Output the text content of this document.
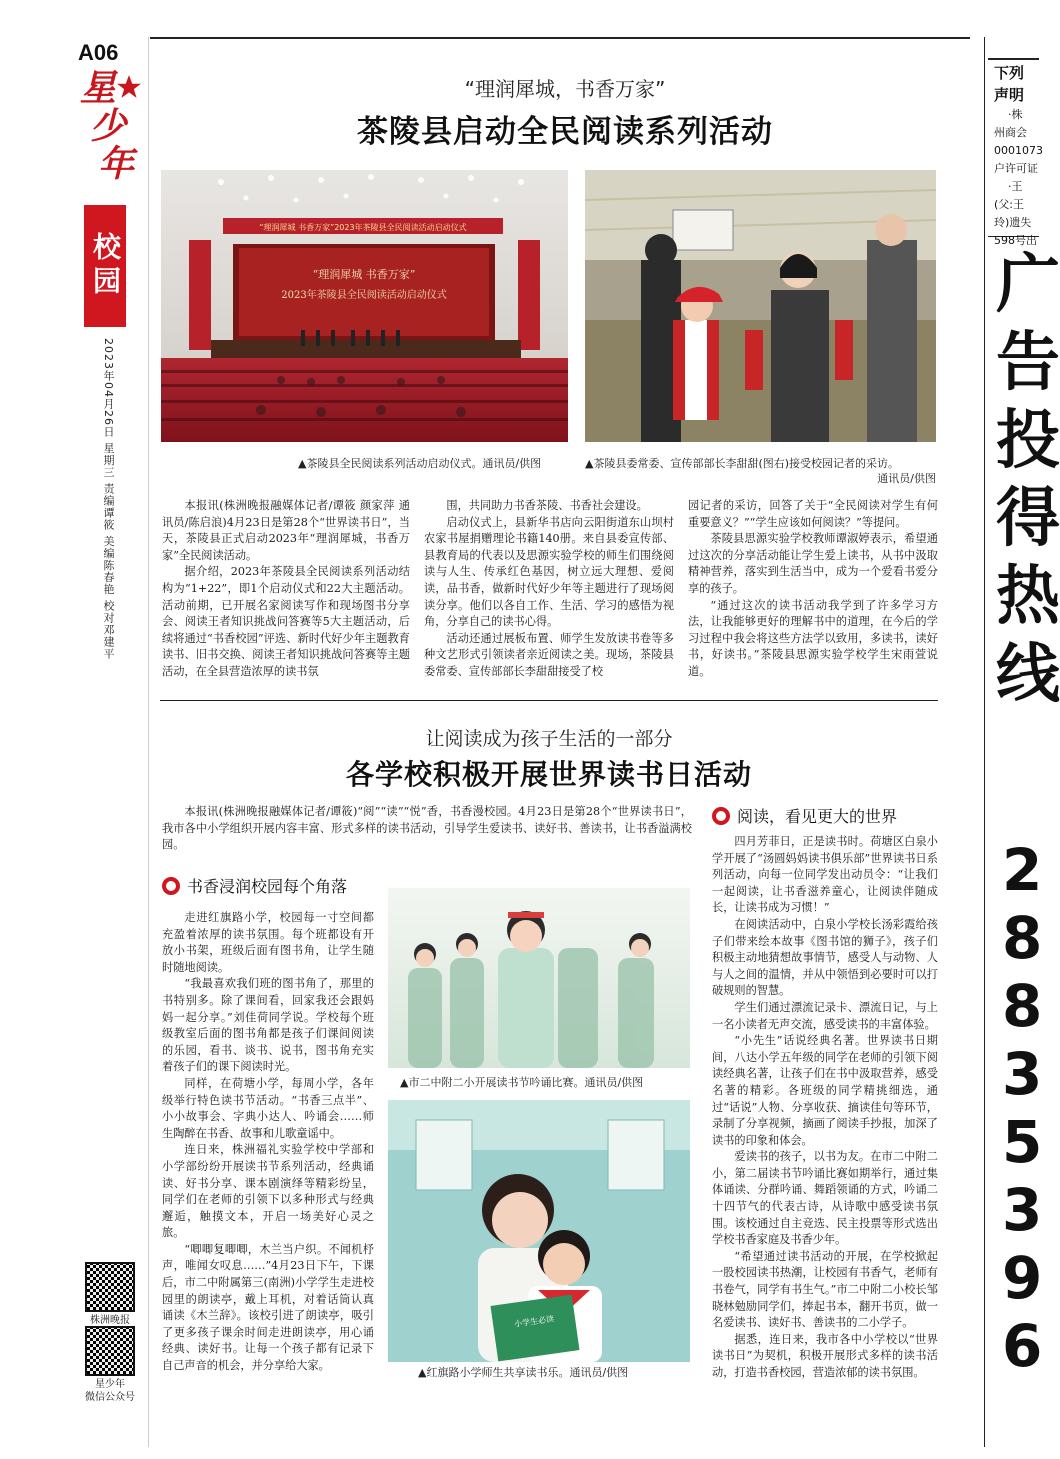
A06
星
少
年
校园
2023年04月26日 星期三 责编谭筱 美编陈春艳 校对邓建平
株洲晚报
星少年
微信公众号
“理润犀城，书香万家”
茶陵县启动全民阅读系列活动
“理润犀城 书香万家”2023年茶陵县全民阅读活动启动仪式
“理润犀城 书香万家”
2023年茶陵县全民阅读活动启动仪式
▲茶陵县全民阅读系列活动启动仪式。通讯员/供图	▲茶陵县委常委、宣传部部长李甜甜(图右)接受校园记者的采访。
通讯员/供图

本报讯(株洲晚报融媒体记者/谭筱 颜家萍 通讯员/陈启浪)4月23日是第28个“世界读书日”，当天，茶陵县正式启动2023年“理润犀城，书香万家”全民阅读活动。

据介绍，2023年茶陵县全民阅读系列活动结构为“1+22”，即1个启动仪式和22大主题活动。活动前期，已开展名家阅读写作和现场图书分享会、阅读王者知识挑战问答赛等5大主题活动，后续将通过“书香校园”评选、新时代好少年主题教育读书、旧书交换、阅读王者知识挑战问答赛等主题活动，在全县营造浓厚的读书氛

围，共同助力书香茶陵、书香社会建设。

启动仪式上，县新华书店向云阳街道东山坝村农家书屋捐赠理论书籍140册。来自县委宣传部、县教育局的代表以及思源实验学校的师生们围绕阅读与人生、传承红色基因，树立远大理想、爱阅读，品书香，做新时代好少年等主题进行了现场阅读分享。他们以各自工作、生活、学习的感悟为视角，分享自己的读书心得。

活动还通过展板布置、师学生发放读书卷等多种文艺形式引领读者亲近阅读之美。现场，茶陵县委常委、宣传部部长李甜甜接受了校

园记者的采访，回答了关于“全民阅读对学生有何重要意义？”“学生应该如何阅读？”等提问。

茶陵县思源实验学校教师谭淑婷表示，希望通过这次的分享活动能让学生爱上读书，从书中汲取精神营养，落实到生活当中，成为一个爱看书爱分享的孩子。

“通过这次的读书活动我学到了许多学习方法，让我能够更好的理解书中的道理，在今后的学习过程中我会将这些方法学以致用，多读书，读好书，好读书。”茶陵县思源实验学校学生宋雨萱说道。

让阅读成为孩子生活的一部分
各学校积极开展世界读书日活动

本报讯(株洲晚报融媒体记者/谭筱)“阅”“读”“悦”香，书香漫校园。4月23日是第28个“世界读书日”，我市各中小学组织开展内容丰富、形式多样的读书活动，引导学生爱读书、读好书、善读书，让书香溢满校园。

书香浸润校园每个角落

走进红旗路小学，校园每一寸空间都充盈着浓厚的读书氛围。每个班都设有开放小书架，班级后面有图书角，让学生随时随地阅读。

“我最喜欢我们班的图书角了，那里的书特别多。除了课间看，回家我还会跟妈妈一起分享。”刘佳荷同学说。学校每个班级教室后面的图书角都是孩子们课间阅读的乐园，看书、谈书、说书，图书角充实着孩子们的课下阅读时光。

同样，在荷塘小学，每周小学，各年级举行特色读书节活动。“书香三点半”、小小故事会、字典小达人、吟诵会……师生陶醉在书香、故事和儿歌童谣中。

连日来，株洲福礼实验学校中学部和小学部纷纷开展读书节系列活动，经典诵读、好书分享、课本剧演绎等精彩纷呈，同学们在老师的引领下以多种形式与经典邂逅，触摸文本，开启一场美好心灵之旅。

“唧唧复唧唧，木兰当户织。不闻机杼声，唯闻女叹息……”4月23日下午，下课后，市二中附属第三(南洲)小学学生走进校园里的朗读亭，戴上耳机，对着话筒认真诵读《木兰辞》。该校引进了朗读亭，吸引了更多孩子课余时间走进朗读亭，用心诵经典、读好书。让每一个孩子都有记录下自己声音的机会，并分享给大家。

▲市二中附二小开展读书节吟诵比赛。通讯员/供图
小学生必读
▲红旗路小学师生共享读书乐。通讯员/供图
阅读，看见更大的世界

四月芳菲日，正是读书时。荷塘区白泉小学开展了“汤圆妈妈读书俱乐部”世界读书日系列活动，向每一位同学发出动员令：“让我们一起阅读，让书香滋养童心，让阅读伴随成长，让读书成为习惯！”

在阅读活动中，白泉小学校长汤彩霞给孩子们带来绘本故事《图书馆的狮子》，孩子们积极主动地猜想故事情节，感受人与动物、人与人之间的温情，并从中领悟到必要时可以打破规则的智慧。

学生们通过漂流记录卡、漂流日记，与上一名小读者无声交流，感受读书的丰富体验。

“小先生”话说经典名著。世界读书日期间，八达小学五年级的同学在老师的引领下阅读经典名著，让孩子们在书中汲取营养，感受名著的精彩。各班级的同学精挑细选，通过“话说”人物、分享收获、摘读佳句等环节，录制了分享视频，摘画了阅读手抄报，加深了读书的印象和体会。

爱读书的孩子，以书为友。在市二中附二小，第二届读书节吟诵比赛如期举行，通过集体诵读、分群吟诵、舞蹈领诵的方式，吟诵二十四节气的代表古诗，从诗歌中感受读书氛围。该校通过自主竞选、民主投票等形式选出学校书香家庭及书香少年。

“希望通过读书活动的开展，在学校掀起一股校园读书热潮，让校园有书香气，老师有书卷气，同学有书生气。”市二中附二小校长邹晓林勉励同学们，捧起书本，翻开书页，做一名爱读书、读好书、善读书的二小学子。

据悉，连日来，我市各中小学校以“世界读书日”为契机，积极开展形式多样的读书活动，打造书香校园，营造浓郁的读书氛围。

下列
声明
·株
州商会
0001073
户许可证
·王
(父:王
玲)遗失
598号出
广
告
投
得
热
线
2
8
8
3
5
3
9
6
